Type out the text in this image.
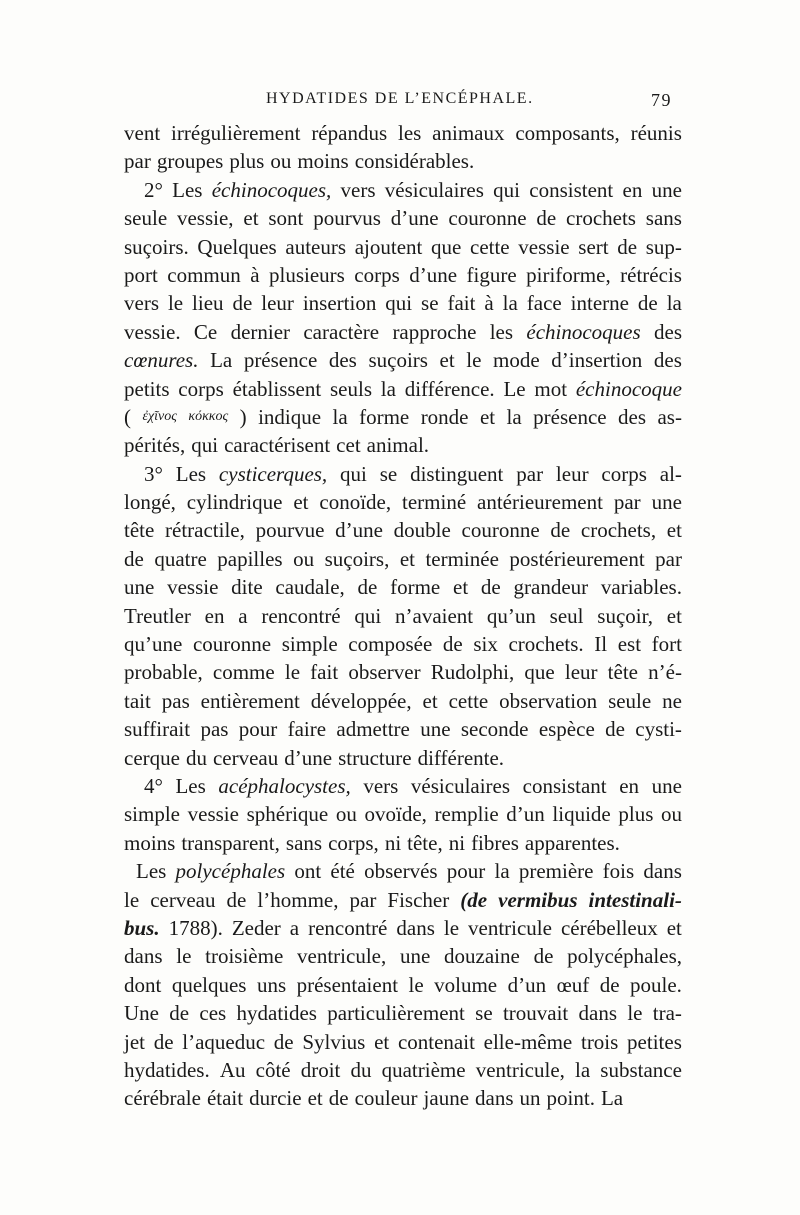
HYDATIDES DE L’ENCÉPHALE.	79
vent irrégulièrement répandus les animaux composants, réunis
par groupes plus ou moins considérables.
2° Les échinocoques, vers vésiculaires qui consistent en une
seule vessie, et sont pourvus d’une couronne de crochets sans
suçoirs. Quelques auteurs ajoutent que cette vessie sert de sup-
port commun à plusieurs corps d’une figure piriforme, rétrécis
vers le lieu de leur insertion qui se fait à la face interne de la
vessie. Ce dernier caractère rapproche les échinocoques des
cœnures. La présence des suçoirs et le mode d’insertion des
petits corps établissent seuls la différence. Le mot échinocoque
( ἐχῖνος κόκκος ) indique la forme ronde et la présence des as-
pérités, qui caractérisent cet animal.
3° Les cysticerques, qui se distinguent par leur corps al-
longé, cylindrique et conoïde, terminé antérieurement par une
tête rétractile, pourvue d’une double couronne de crochets, et
de quatre papilles ou suçoirs, et terminée postérieurement par
une vessie dite caudale, de forme et de grandeur variables.
Treutler en a rencontré qui n’avaient qu’un seul suçoir, et
qu’une couronne simple composée de six crochets. Il est fort
probable, comme le fait observer Rudolphi, que leur tête n’é-
tait pas entièrement développée, et cette observation seule ne
suffirait pas pour faire admettre une seconde espèce de cysti-
cerque du cerveau d’une structure différente.
4° Les acéphalocystes, vers vésiculaires consistant en une
simple vessie sphérique ou ovoïde, remplie d’un liquide plus ou
moins transparent, sans corps, ni tête, ni fibres apparentes.
Les polycéphales ont été observés pour la première fois dans
le cerveau de l’homme, par Fischer (de vermibus intestinali-
bus. 1788). Zeder a rencontré dans le ventricule cérébelleux et
dans le troisième ventricule, une douzaine de polycéphales,
dont quelques uns présentaient le volume d’un œuf de poule.
Une de ces hydatides particulièrement se trouvait dans le tra-
jet de l’aqueduc de Sylvius et contenait elle-même trois petites
hydatides. Au côté droit du quatrième ventricule, la substance
cérébrale était durcie et de couleur jaune dans un point. La
